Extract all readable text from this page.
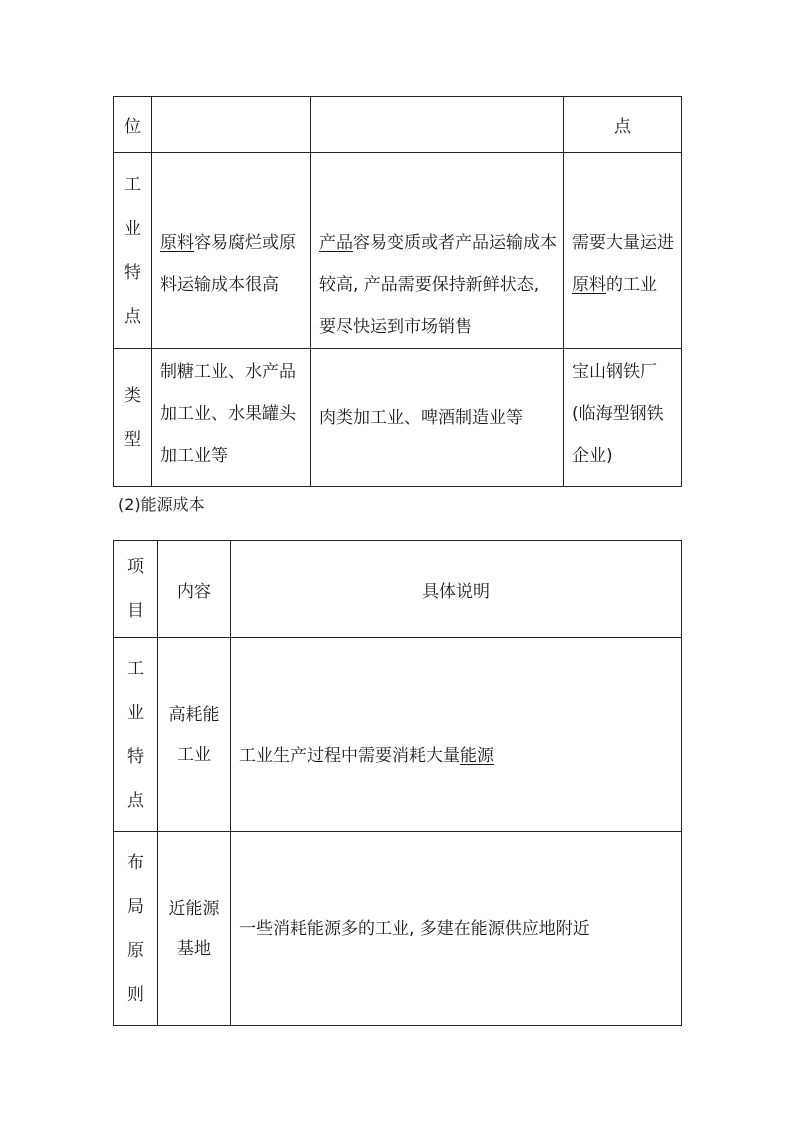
位			点

工业特点	原料容易腐烂或原料运输成本很高	产品容易变质或者产品运输成本较高, 产品需要保持新鲜状态, 要尽快运到市场销售	需要大量运进原料的工业

类型	制糖工业、水产品加工业、水果罐头加工业等	肉类加工业、啤酒制造业等	宝山钢铁厂(临海型钢铁企业)
(2)能源成本
项目	内容	具体说明

工业特点	高耗能工业	工业生产过程中需要消耗大量能源

布局原则	近能源基地	一些消耗能源多的工业, 多建在能源供应地附近
